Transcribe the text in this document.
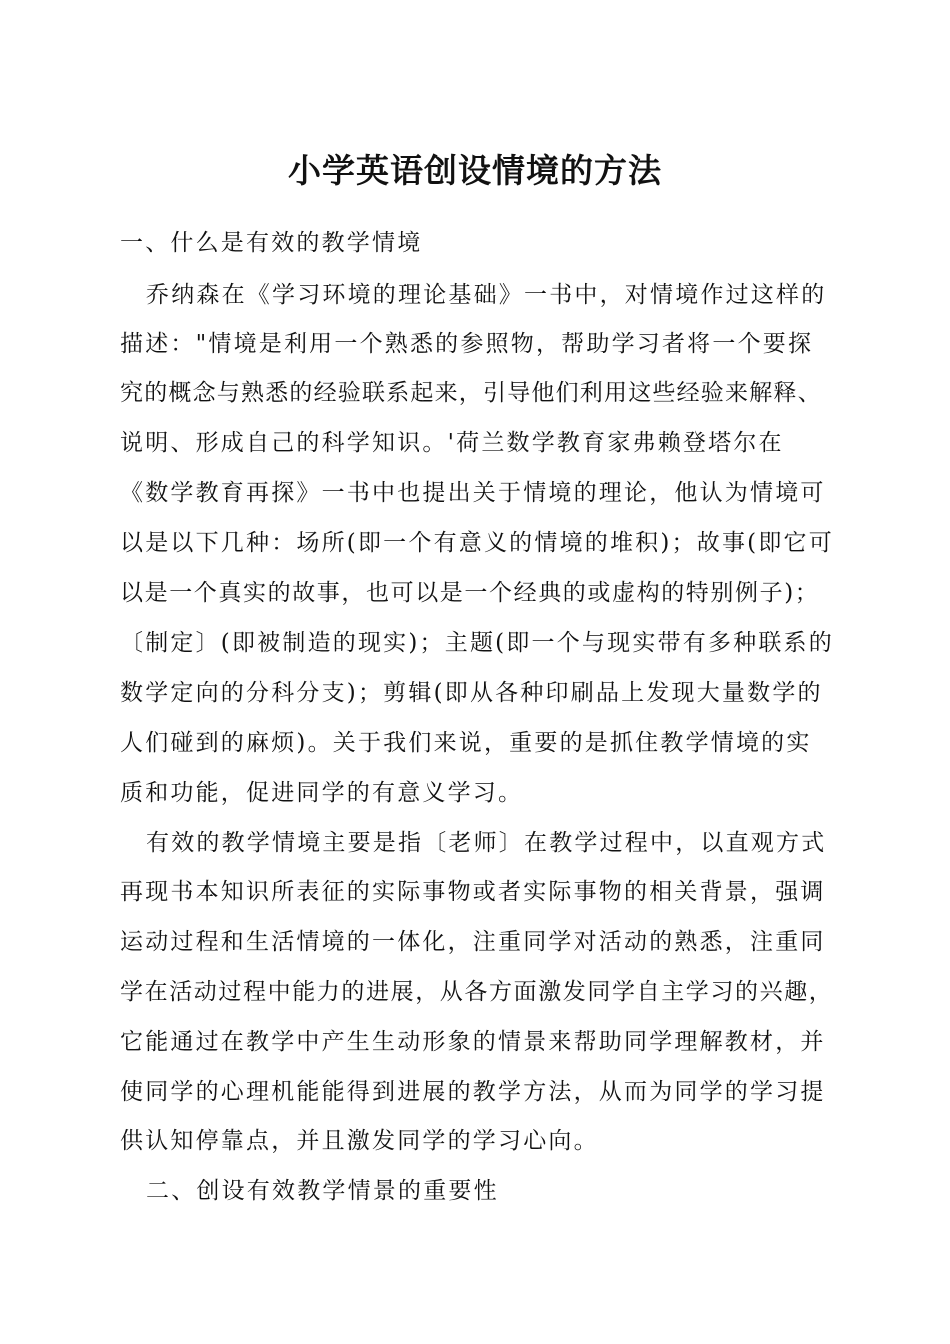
小学英语创设情境的方法
一、什么是有效的教学情境
乔纳森在《学习环境的理论基础》一书中，对情境作过这样的
描述："情境是利用一个熟悉的参照物，帮助学习者将一个要探
究的概念与熟悉的经验联系起来，引导他们利用这些经验来解释、
说明、形成自己的科学知识。'荷兰数学教育家弗赖登塔尔在
《数学教育再探》一书中也提出关于情境的理论，他认为情境可
以是以下几种：场所(即一个有意义的情境的堆积)；故事(即它可
以是一个真实的故事，也可以是一个经典的或虚构的特别例子)；
〔制定〕(即被制造的现实)；主题(即一个与现实带有多种联系的
数学定向的分科分支)；剪辑(即从各种印刷品上发现大量数学的
人们碰到的麻烦)。关于我们来说，重要的是抓住教学情境的实
质和功能，促进同学的有意义学习。
有效的教学情境主要是指〔老师〕在教学过程中，以直观方式
再现书本知识所表征的实际事物或者实际事物的相关背景，强调
运动过程和生活情境的一体化，注重同学对活动的熟悉，注重同
学在活动过程中能力的进展，从各方面激发同学自主学习的兴趣，
它能通过在教学中产生生动形象的情景来帮助同学理解教材，并
使同学的心理机能能得到进展的教学方法，从而为同学的学习提
供认知停靠点，并且激发同学的学习心向。
二、创设有效教学情景的重要性
